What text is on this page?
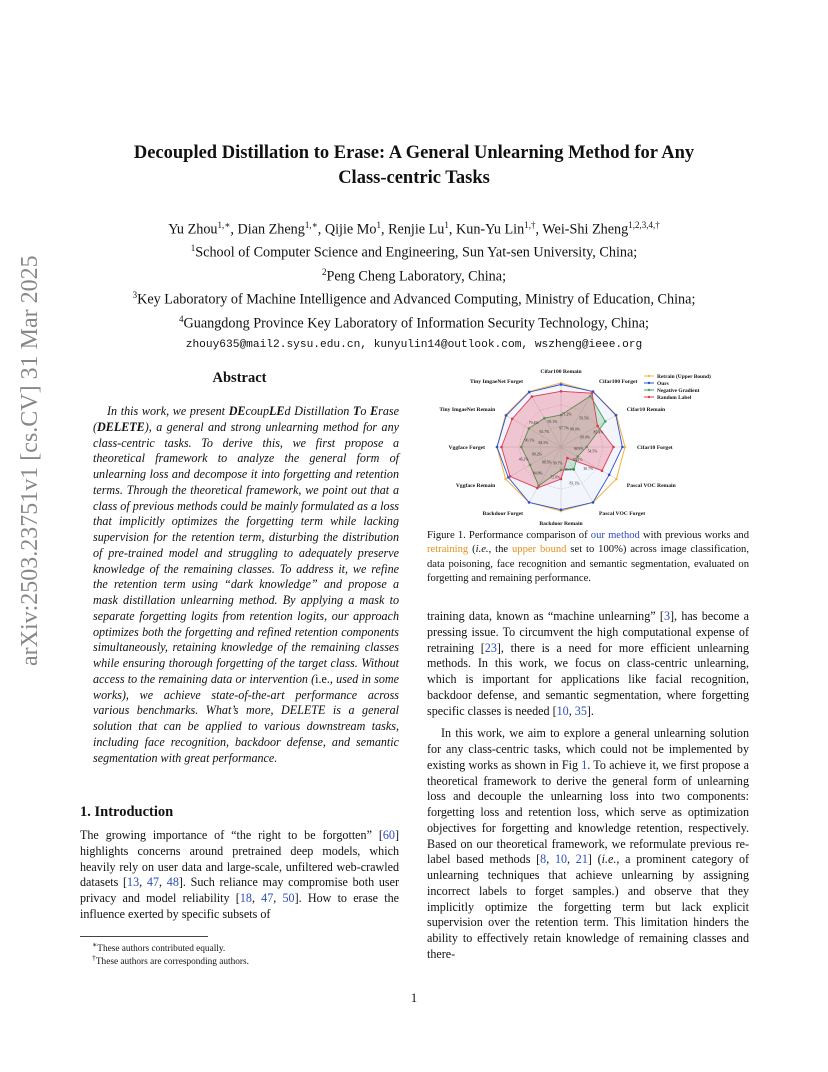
arXiv:2503.23751v1 [cs.CV] 31 Mar 2025
Decoupled Distillation to Erase: A General Unlearning Method for Any
Class-centric Tasks
Yu Zhou$^{1,∗}$, Dian Zheng$^{1,∗}$, Qijie Mo$^1$, Renjie Lu$^1$, Kun-Yu Lin$^{1,\dagger}$, Wei-Shi Zheng$^{1,2,3,4,\dagger}$
$^1$School of Computer Science and Engineering, Sun Yat-sen University, China;
$^2$Peng Cheng Laboratory, China;
$^3$Key Laboratory of Machine Intelligence and Advanced Computing, Ministry of Education, China;
$^4$Guangdong Province Key Laboratory of Information Security Technology, China;
zhouy635@mail2.sysu.edu.cn, kunyulin14@outlook.com, wszheng@ieee.org
Abstract

In this work, we present DEcoupLEd Distillation To Erase (DELETE), a general and strong unlearning method for any class-centric tasks. To derive this, we first propose a theoretical framework to analyze the general form of unlearning loss and decompose it into forgetting and retention terms. Through the theoretical framework, we point out that a class of previous methods could be mainly formulated as a loss that implicitly optimizes the forgetting term while lacking supervision for the retention term, disturbing the distribution of pre-trained model and struggling to adequately preserve knowledge of the remaining classes. To address it, we refine the retention term using “dark knowledge” and propose a mask distillation unlearning method. By applying a mask to separate forgetting logits from retention logits, our approach optimizes both the forgetting and refined retention components simultaneously, retaining knowledge of the remaining classes while ensuring thorough forgetting of the target class. Without access to the remaining data or intervention (i.e., used in some works), we achieve state-of-the-art performance across various benchmarks. What’s more, DELETE is a general solution that can be applied to various downstream tasks, including face recognition, backdoor defense, and semantic segmentation with great performance.

1. Introduction

The growing importance of “the right to be forgotten” [60] highlights concerns around pretrained deep models, which heavily rely on user data and large-scale, unfiltered web-crawled datasets [13, 47, 48]. Such reliance may compromise both user privacy and model reliability [18, 47, 50]. How to erase the influence exerted by specific subsets of

∗These authors contributed equally.
†These authors are corresponding authors.
Cifar100 Remain
Cifar100 Forget
Cifar10 Remain
Cifar10 Forget
Pascal VOC Remain
Pascal VOC Forget
Backdoor Remain
Backdoor Forget
Vggface Remain
Vggface Forget
Tiny ImgaeNet Remain
Tiny ImgaeNet Forget
97.7% 99.0%
99.0%
98.9%
95.1%
89.9%
99.7%
88.5%
80.2%
82.5%
65.7%
95.1%
71.2%
59.5%
85.4%
54.5%
30.7%
83.1%
72.8%
84.8%
46.2%
90.1%
79.4%
Retrain (Upper Bound)
Ours
Negative Gradient
Random Label
Figure 1. Performance comparison of our method with previous works and retraining (i.e., the upper bound set to 100%) across image classification, data poisoning, face recognition and semantic segmentation, evaluated on forgetting and remaining performance.

training data, known as “machine unlearning” [3], has become a pressing issue. To circumvent the high computational expense of retraining [23], there is a need for more efficient unlearning methods. In this work, we focus on class-centric unlearning, which is important for applications like facial recognition, backdoor defense, and semantic segmentation, where forgetting specific classes is needed [10, 35].

In this work, we aim to explore a general unlearning solution for any class-centric tasks, which could not be implemented by existing works as shown in Fig 1. To achieve it, we first propose a theoretical framework to derive the general form of unlearning loss and decouple the unlearning loss into two components: forgetting loss and retention loss, which serve as optimization objectives for forgetting and knowledge retention, respectively. Based on our theoretical framework, we reformulate previous re-label based methods [8, 10, 21] (i.e., a prominent category of unlearning techniques that achieve unlearning by assigning incorrect labels to forget samples.) and observe that they implicitly optimize the forgetting term but lack explicit supervision over the retention term. This limitation hinders the ability to effectively retain knowledge of remaining classes and there-

1
